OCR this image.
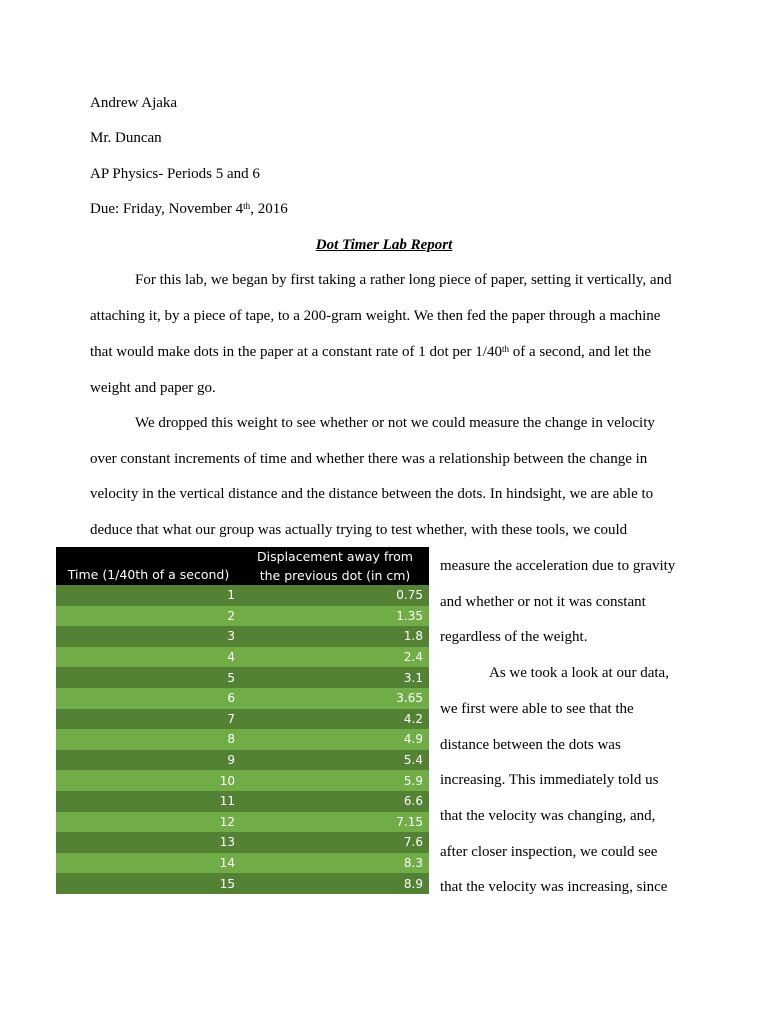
Andrew Ajaka
Mr. Duncan
AP Physics- Periods 5 and 6
Due: Friday, November 4th, 2016
Dot Timer Lab Report
For this lab, we began by first taking a rather long piece of paper, setting it vertically, and
attaching it, by a piece of tape, to a 200-gram weight. We then fed the paper through a machine
that would make dots in the paper at a constant rate of 1 dot per 1/40th of a second, and let the
weight and paper go.
We dropped this weight to see whether or not we could measure the change in velocity
over constant increments of time and whether there was a relationship between the change in
velocity in the vertical distance and the distance between the dots. In hindsight, we are able to
deduce that what our group was actually trying to test whether, with these tools, we could
measure the acceleration due to gravity
and whether or not it was constant
regardless of the weight.
As we took a look at our data,
we first were able to see that the
distance between the dots was
increasing. This immediately told us
that the velocity was changing, and,
after closer inspection, we could see
that the velocity was increasing, since
Time (1/40th of a second)	Displacement away from
the previous dot (in cm)

1	0.75
2	1.35
3	1.8
4	2.4
5	3.1
6	3.65
7	4.2
8	4.9
9	5.4
10	5.9
11	6.6
12	7.15
13	7.6
14	8.3
15	8.9
